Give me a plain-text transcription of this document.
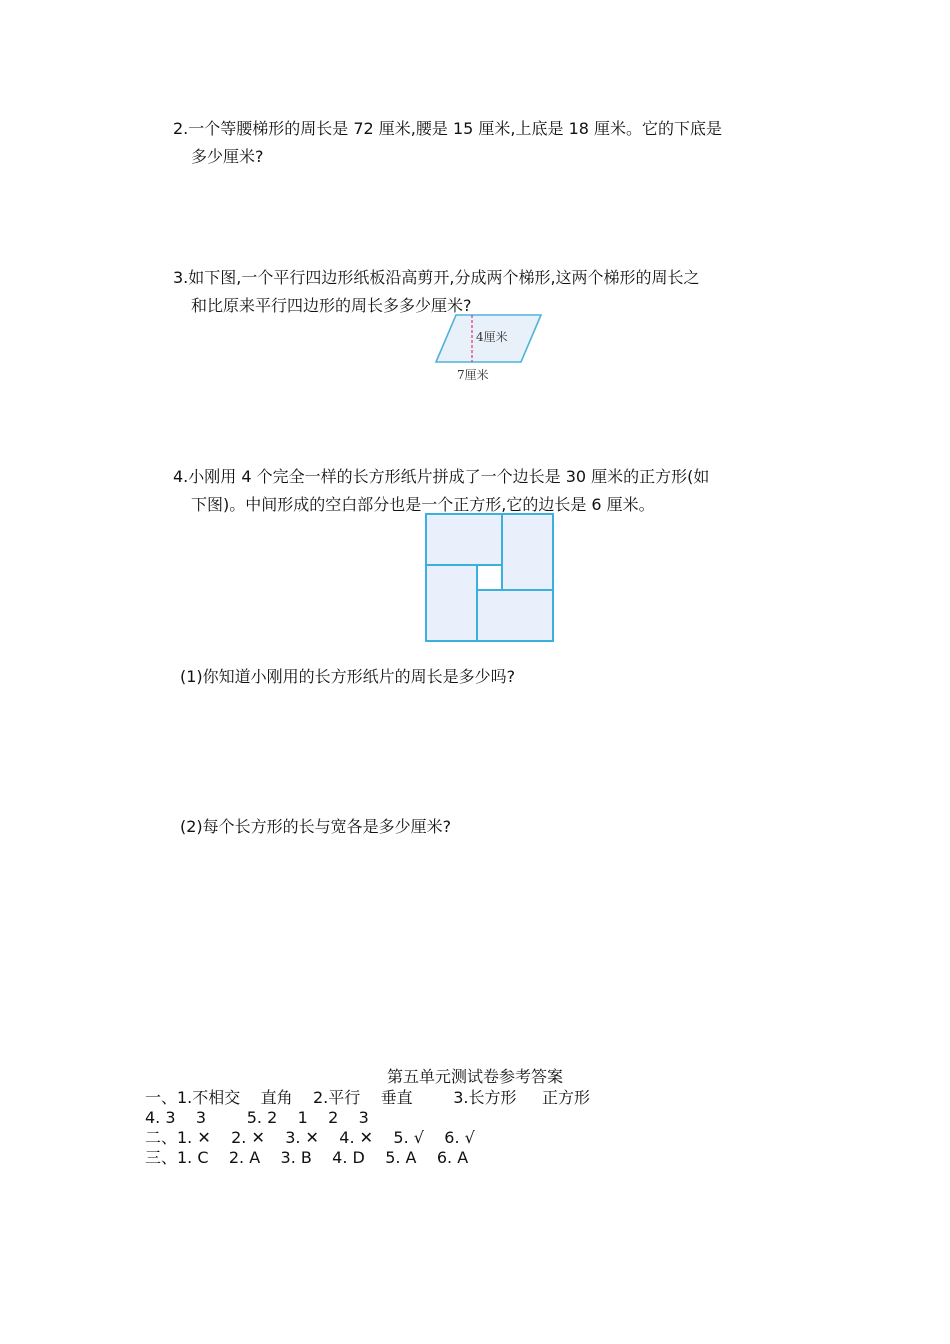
2.一个等腰梯形的周长是 72 厘米,腰是 15 厘米,上底是 18 厘米。它的下底是
多少厘米?
3.如下图,一个平行四边形纸板沿高剪开,分成两个梯形,这两个梯形的周长之
和比原来平行四边形的周长多多少厘米?
4厘米
7厘米
4.小刚用 4 个完全一样的长方形纸片拼成了一个边长是 30 厘米的正方形(如
下图)。中间形成的空白部分也是一个正方形,它的边长是 6 厘米。
(1)你知道小刚用的长方形纸片的周长是多少吗?
(2)每个长方形的长与宽各是多少厘米?
第五单元测试卷参考答案
一、1.不相交    直角    2.平行    垂直        3.长方形     正方形
4. 3    3        5. 2    1    2    3
二、1. ✕    2. ✕    3. ✕    4. ✕    5. √    6. √
三、1. C    2. A    3. B    4. D    5. A    6. A
